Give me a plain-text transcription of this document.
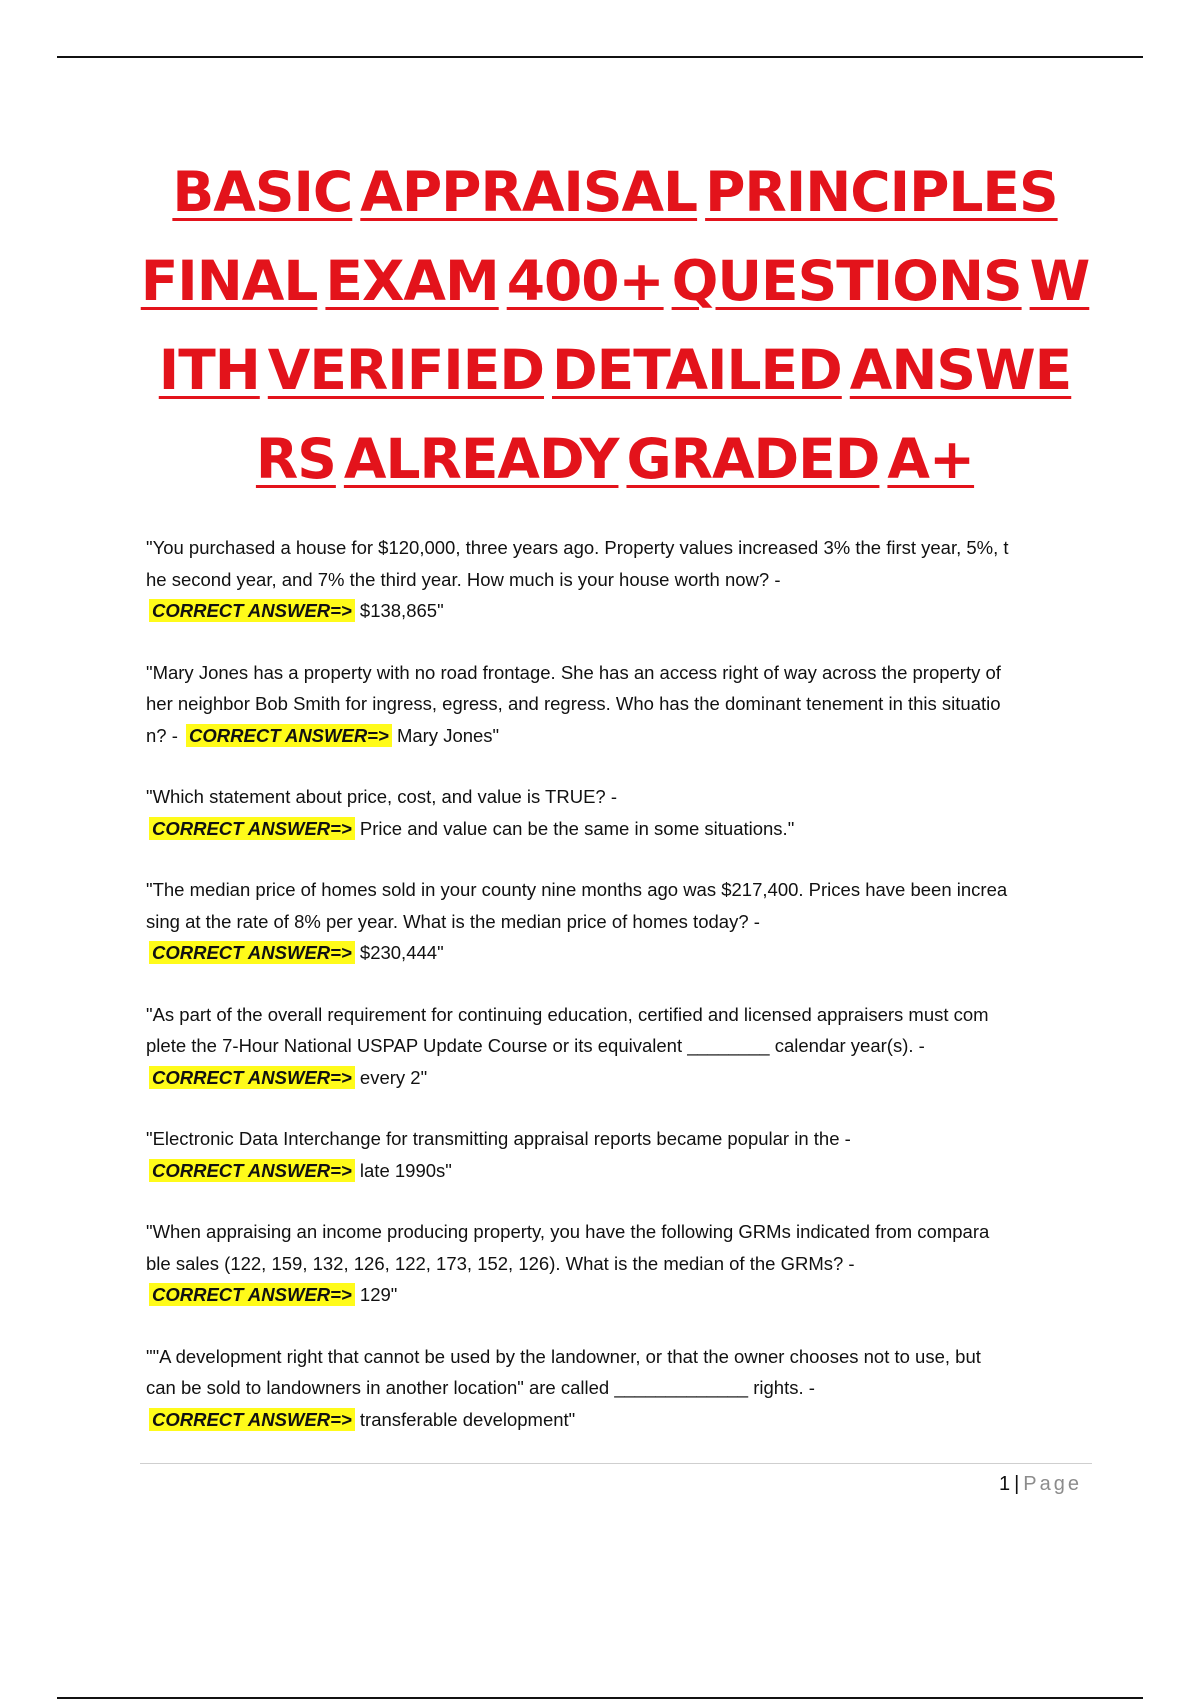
BASIC APPRAISAL PRINCIPLES
FINAL EXAM 400+ QUESTIONS W
ITH VERIFIED DETAILED ANSWE
RS ALREADY GRADED A+
"You purchased a house for $120,000, three years ago. Property values increased 3% the first year, 5%, t
he second year, and 7% the third year. How much is your house worth now? -
CORRECT ANSWER=> $138,865"
"Mary Jones has a property with no road frontage. She has an access right of way across the property of
her neighbor Bob Smith for ingress, egress, and regress. Who has the dominant tenement in this situatio
n? - CORRECT ANSWER=> Mary Jones"
"Which statement about price, cost, and value is TRUE? -
CORRECT ANSWER=> Price and value can be the same in some situations."
"The median price of homes sold in your county nine months ago was $217,400. Prices have been increa
sing at the rate of 8% per year. What is the median price of homes today? -
CORRECT ANSWER=> $230,444"
"As part of the overall requirement for continuing education, certified and licensed appraisers must com
plete the 7-Hour National USPAP Update Course or its equivalent ________ calendar year(s). -
CORRECT ANSWER=> every 2"
"Electronic Data Interchange for transmitting appraisal reports became popular in the -
CORRECT ANSWER=> late 1990s"
"When appraising an income producing property, you have the following GRMs indicated from compara
ble sales (122, 159, 132, 126, 122, 173, 152, 126). What is the median of the GRMs? -
CORRECT ANSWER=> 129"
""A development right that cannot be used by the landowner, or that the owner chooses not to use, but
can be sold to landowners in another location" are called _____________ rights. -
CORRECT ANSWER=> transferable development"
1 | Page
